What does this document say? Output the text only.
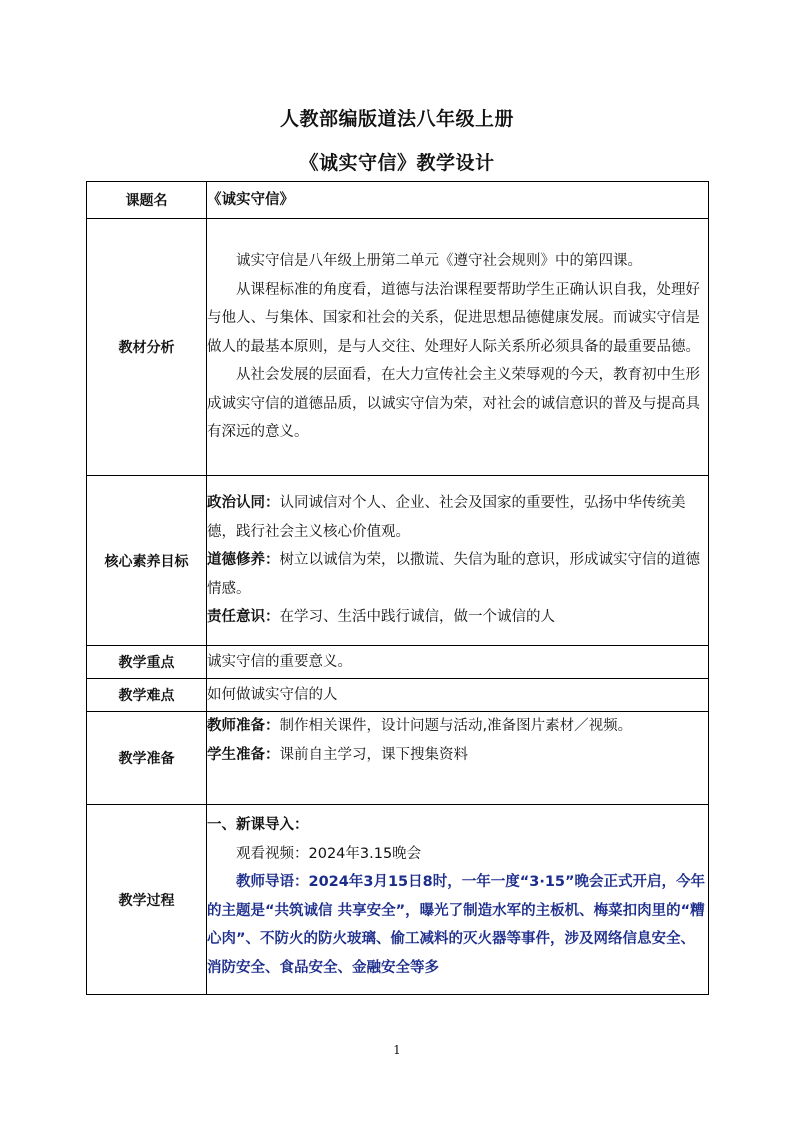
人教部编版道法八年级上册
《诚实守信》教学设计
课题名	《诚实守信》
教材分析	诚实守信是八年级上册第二单元《遵守社会规则》中的第四课。
从课程标准的角度看，道德与法治课程要帮助学生正确认识自我，处理好与他人、与集体、国家和社会的关系，促进思想品德健康发展。而诚实守信是做人的最基本原则，是与人交往、处理好人际关系所必须具备的最重要品德。
从社会发展的层面看，在大力宣传社会主义荣辱观的今天，教育初中生形成诚实守信的道德品质，以诚实守信为荣，对社会的诚信意识的普及与提高具有深远的意义。

核心素养目标	政治认同：认同诚信对个人、企业、社会及国家的重要性，弘扬中华传统美德，践行社会主义核心价值观。
道德修养：树立以诚信为荣，以撒谎、失信为耻的意识，形成诚实守信的道德情感。
责任意识：在学习、生活中践行诚信，做一个诚信的人

教学重点	诚实守信的重要意义。
教学难点	如何做诚实守信的人
教学准备	教师准备：制作相关课件，设计问题与活动,准备图片素材／视频。
学生准备：课前自主学习，课下搜集资料

教学过程	一、新课导入：
观看视频：2024年3.15晚会
教师导语：2024年3月15日8时，一年一度“3·15”晚会正式开启，今年的主题是“共筑诚信 共享安全”，曝光了制造水军的主板机、梅菜扣肉里的“糟心肉”、不防火的防火玻璃、偷工减料的灭火器等事件，涉及网络信息安全、消防安全、食品安全、金融安全等多
1
